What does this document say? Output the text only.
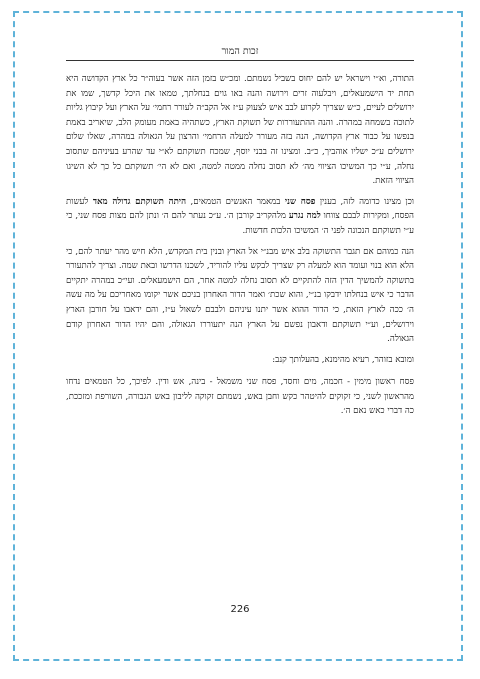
זכות המור

התורה, וא״י וישראל יש להם יחוס בשביל נשמתם. ומכ״ש בזמן הזה אשר בעוה״ר כל ארץ הקדושה היא תחת יד הישמעאלים, ויבלעוה זרים וירושה והנה באו גוים בנחלתך, טמאו את היכל קדשך, שמו את ירושלים לעיים, כ״ש שצריך לקרוע לבב איש לצעוק ע״ז אל הקב״ה לעורר רחמי׳ על הארץ ועל קיבוץ גליות לתוכה בשמחה במהרה. והנה ההתעוררות של תשוקת הארץ, כשתהיה באמת מעומק הלב, שיאריב באמת בנפשו על כבוד ארץ הקדושה, הנה בזה מעורר למעלה הרחמי׳ והרצון על הגאולה במהרה, שאלו שלום ירושלים ע״כ ישליו אוהביך, כ״ב. ומצינו זה בבני יוסף, שמכח תשוקתם לא״י עד שהרע בעיניהם שתסוב נחלה, ע״י כך המשיכו הציווי מה׳ לא תסוב נחלה ממטה למטה, ואם לא הי׳ תשוקתם כל כך לא השיגו הציווי הזאת.

וכן מצינו כדומה לזה, בענין פסח שני במאמר האנשים הטמאים, היתה תשוקתם גדולה מאד לעשות הפסח, ומקירות לבבם צווחו למה נגרע מלהקריב קורבן ה׳. ע״כ נעתר להם ה׳ ונתן להם מצות פסח שני, כי ע״י תשוקתם הנכונה לפני ה׳ המשיכו הלכות חדשות.

הנה כמוהם אם תגבר התשוקה בלב איש מבנ״י אל הארץ ובנין בית המקדש, הלא חיש מהר יעתר להם, כי הלא הוא בנוי ועומד הוא למעלה רק שצריך לבקש עליו להוריד, לשכנו הדרשו ובאת שמה. וצריך להתעורר בתשוקה להמשיך הדין הזה להתקיים לא תסוב נחלה למטה אחר, הם הישמעאלים. ועי״כ במהרה יתקיים הדבר כי איש בנחלתו ידבקו בנ״י, והוא שכת׳ ואמר הדור האחרון בניכם אשר יקומו מאחריכם על מה עשה ה׳ ככה לארץ הזאת, כי הדור ההוא אשר יתנו עיניהם ולבבם לשאול ע״ז, והם ידאבו על חורבן הארץ וירושלים, וע״י תשוקתם ודאבון נפשם על הארץ הנה יתעוררו הגאולה, והם יהיו הדור האחרון קודם הגאולה.

ומובא בזוהר, רעיא מהימנא, בהעלותך קנב:

פסח ראשון מימין - חכמה, מים וחסד, פסח שני משמאל - בינה, אש ודין. לפיכך, כל הטמאים נדחו מהראשון לשני, כי זקוקים להיטהר כקש וחבן באש, נשמתם זקוקה לליבון באש הגבורה, השורפת ומזככת, כה דברי כאש נאם ה׳.

226
